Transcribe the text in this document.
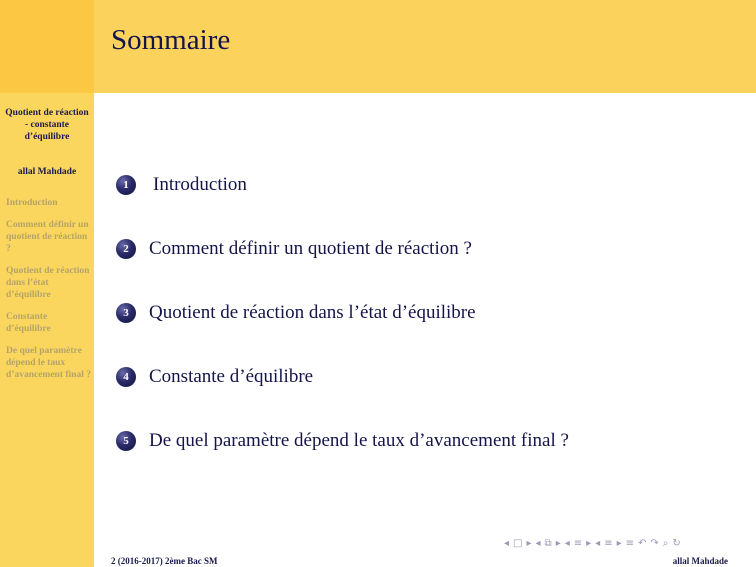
Sommaire
Quotient de réaction - constante d’équilibre
allal Mahdade
Introduction
Comment définir un quotient de réaction ?
Quotient de réaction dans l’état d’équilibre
Constante d’équilibre
De quel paramètre dépend le taux d’avancement final ?
1	Introduction
2	Comment définir un quotient de réaction ?
3	Quotient de réaction dans l’état d’équilibre
4	Constante d’équilibre
5	De quel paramètre dépend le taux d’avancement final ?
◂ □ ▸ ◂ ⧉ ▸ ◂ ≡ ▸ ◂ ≡ ▸ ≡ ↶ ↷ ⌕ ↻
2 (2016-2017) 2ème Bac SM	allal Mahdade
